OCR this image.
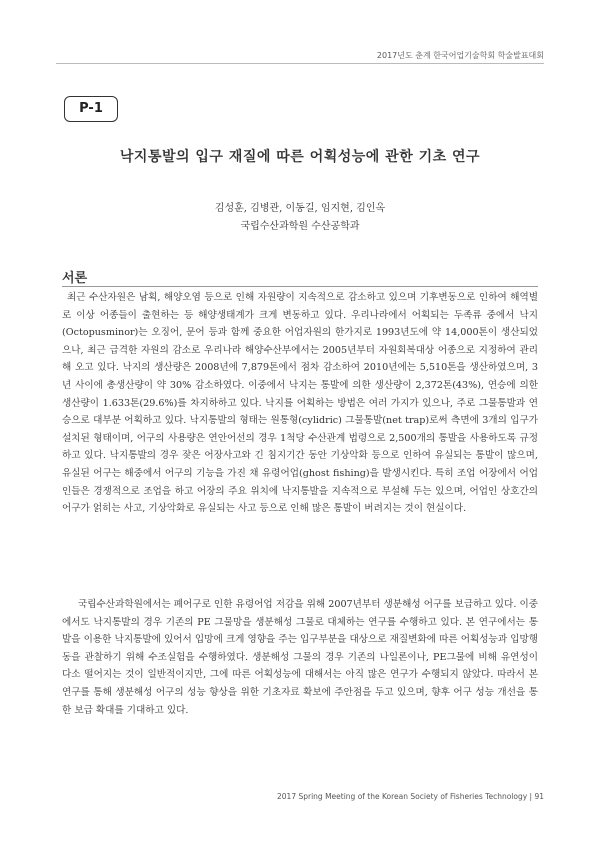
2017년도 춘계 한국어업기술학회 학술발표대회
P-1
낙지통발의 입구 재질에 따른 어획성능에 관한 기초 연구
김성훈, 김병관, 이동길, 임지현, 김인옥
국립수산과학원 수산공학과
서론

최근 수산자원은 남획, 해양오염 등으로 인해 자원량이 지속적으로 감소하고 있으며 기후변동으로 인하여 해역별로 이상 어종들이 출현하는 등 해양생태계가 크게 변동하고 있다. 우리나라에서 어획되는 두족류 중에서 낙지(Octopusminor)는 오징어, 문어 등과 함께 중요한 어업자원의 한가지로 1993년도에 약 14,000톤이 생산되었으나, 최근 급격한 자원의 감소로 우리나라 해양수산부에서는 2005년부터 자원회복대상 어종으로 지정하여 관리해 오고 있다. 낙지의 생산량은 2008년에 7,879톤에서 점차 감소하여 2010년에는 5,510톤을 생산하였으며, 3년 사이에 총생산량이 약 30% 감소하였다. 이중에서 낙지는 통발에 의한 생산량이 2,372톤(43%), 연승에 의한 생산량이 1.633톤(29.6%)를 차지하하고 있다. 낙지를 어획하는 방법은 여러 가지가 있으나, 주로 그물통발과 연승으로 대부분 어획하고 있다. 낙지통발의 형태는 원통형(cylidric) 그물통발(net trap)로써 측면에 3개의 입구가 설치된 형태이며, 어구의 사용량은 연안어선의 경우 1척당 수산관계 법령으로 2,500개의 통발을 사용하도록 규정하고 있다. 낙지통발의 경우 잦은 어장사고와 긴 침지기간 동안 기상악화 등으로 인하여 유실되는 통발이 많으며, 유실된 어구는 해중에서 어구의 기능을 가진 채 유령어업(ghost fishing)을 발생시킨다. 특히 조업 어장에서 어업인들은 경쟁적으로 조업을 하고 어장의 주요 위치에 낙지통발을 지속적으로 부설해 두는 있으며, 어업인 상호간의 어구가 얽히는 사고, 기상악화로 유실되는 사고 등으로 인해 많은 통발이 버려지는 것이 현실이다.

국립수산과학원에서는 폐어구로 인한 유령어업 저감을 위해 2007년부터 생분해성 어구를 보급하고 있다. 이중에서도 낙지통발의 경우 기존의 PE 그물망을 생분해성 그물로 대체하는 연구를 수행하고 있다. 본 연구에서는 통발을 이용한 낙지통발에 있어서 입망에 크게 영향을 주는 입구부분을 대상으로 재질변화에 따른 어획성능과 입망행동을 관찰하기 위해 수조실험을 수행하였다. 생분해성 그물의 경우 기존의 나일론이나, PE그물에 비해 유연성이 다소 떨어지는 것이 일반적이지만, 그에 따른 어획성능에 대해서는 아직 많은 연구가 수행되지 않았다. 따라서 본 연구를 통해 생분해성 어구의 성능 향상을 위한 기초자료 확보에 주안점을 두고 있으며, 향후 어구 성능 개선을 통한 보급 확대를 기대하고 있다.

2017 Spring Meeting of the Korean Society of Fisheries Technology | 91
